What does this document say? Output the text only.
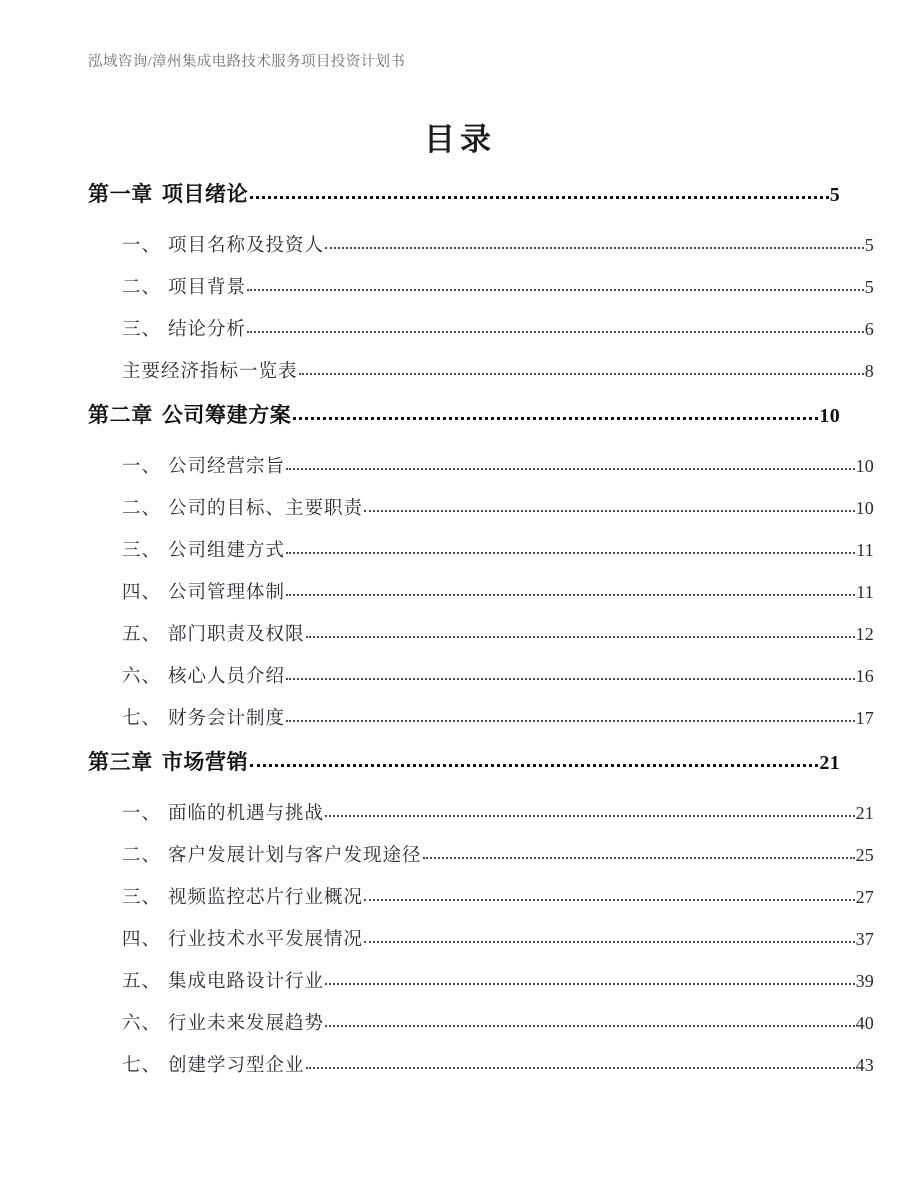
泓域咨询/漳州集成电路技术服务项目投资计划书
目录
第一章 项目绪论	5
一、 项目名称及投资人	5
二、 项目背景	5
三、 结论分析	6
主要经济指标一览表	8
第二章 公司筹建方案	10
一、 公司经营宗旨	10
二、 公司的目标、主要职责	10
三、 公司组建方式	11
四、 公司管理体制	11
五、 部门职责及权限	12
六、 核心人员介绍	16
七、 财务会计制度	17
第三章 市场营销	21
一、 面临的机遇与挑战	21
二、 客户发展计划与客户发现途径	25
三、 视频监控芯片行业概况	27
四、 行业技术水平发展情况	37
五、 集成电路设计行业	39
六、 行业未来发展趋势	40
七、 创建学习型企业	43
